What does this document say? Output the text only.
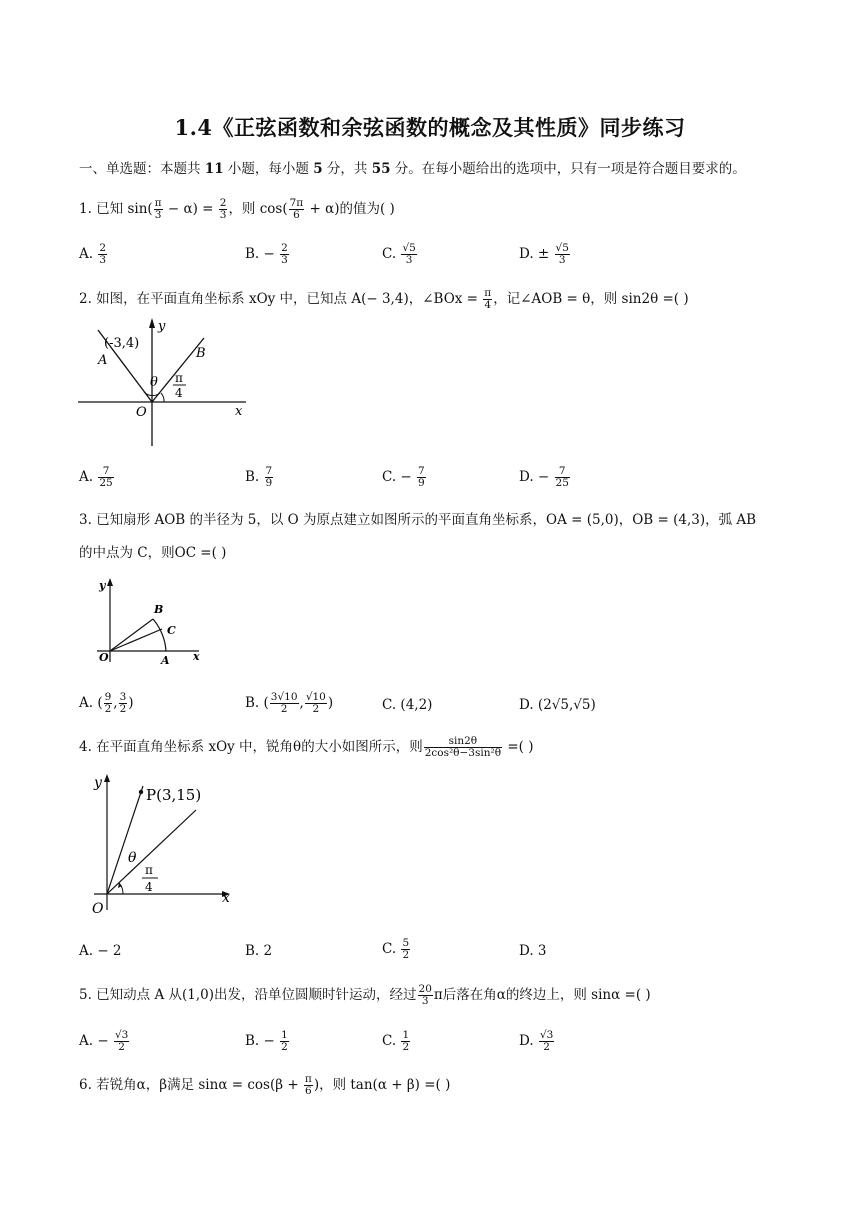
1.4《正弦函数和余弦函数的概念及其性质》同步练习
一、单选题：本题共 11 小题，每小题 5 分，共 55 分。在每小题给出的选项中，只有一项是符合题目要求的。
1. 已知 $\sin( \frac{\pi}{3} - \alpha) = \frac{2}{3}$ ，则 $\cos( \frac{7\pi}{6} + \alpha)$的值为( )
A. $\frac{2}{3}$	B. − $\frac{2}{3}$	C. $\frac{√5}{3}$	D. ± $\frac{√5}{3}$
2. 如图，在平面直角坐标系 xOy 中，已知点 A(− 3,4)，∠BOx = $\frac{\pi}{4}$ ，记∠AOB = θ，则 sin2θ =( )
(-3,4)
A	B
O	x
y
θ π
4
A. $\frac{7}{25}$	B. $\frac{7}{9}$	C. − $\frac{7}{9}$	D. − $\frac{7}{25}$
3. 已知扇形 AOB 的半径为 5，以 O 为原点建立如图所示的平面直角坐标系，OA = (5,0)，OB = (4,3)，弧 AB
的中点为 C，则OC =( )
O	A
B
C
x
y
A. ( $\frac{9}{2}$ , $\frac{3}{2}$ )	B. ( $\frac{3√10}{2}$ , $\frac{√10}{2}$ )	C. (4,2)	D. (2√5,√5)
4. 在平面直角坐标系 xOy 中，锐角θ的大小如图所示，则 $\frac{\sin 2\theta}{\text{2cos²θ−3sin²θ}}$ =( )
P(3,15)
O
x
y
θ
π
4
A. − 2	B. 2	C. $\frac{5}{2}$	D. 3
5. 已知动点 A 从(1,0)出发，沿单位圆顺时针运动，经过 $\frac{20}{3}$ π后落在角α的终边上，则 sinα =( )
A. − $\frac{√3}{2}$	B. − $\frac{1}{2}$	C. $\frac{1}{2}$	D. $\frac{√3}{2}$
6. 若锐角α，β满足 $\sin\alpha = \cos(\beta + \frac{\pi}{6}$ )，则 tan(α + β) =( )
